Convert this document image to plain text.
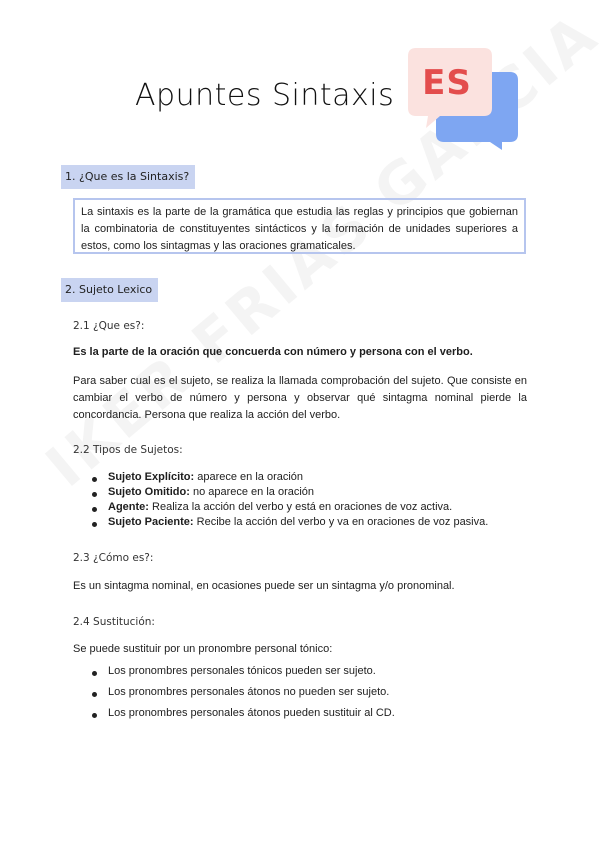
Apuntes Sintaxis ES
1. ¿Que es la Sintaxis?
La sintaxis es la parte de la gramática que estudia las reglas y principios que gobiernan la combinatoria de constituyentes sintácticos y la formación de unidades superiores a estos, como los sintagmas y las oraciones gramaticales.
2. Sujeto Lexico
2.1 ¿Que es?:
Es la parte de la oración que concuerda con número y persona con el verbo.
Para saber cual es el sujeto, se realiza la llamada comprobación del sujeto. Que consiste en cambiar el verbo de número y persona y observar qué sintagma nominal pierde la concordancia. Persona que realiza la acción del verbo.
2.2 Tipos de Sujetos:
Sujeto Explícito: aparece en la oración
Sujeto Omitido: no aparece en la oración
Agente: Realiza la acción del verbo y está en oraciones de voz activa.
Sujeto Paciente: Recibe la acción del verbo y va en oraciones de voz pasiva.
2.3 ¿Cómo es?:
Es un sintagma nominal, en ocasiones puede ser un sintagma y/o pronominal.
2.4 Sustitución:
Se puede sustituir por un pronombre personal tónico:
Los pronombres personales tónicos pueden ser sujeto.
Los pronombres personales átonos no pueden ser sujeto.
Los pronombres personales átonos pueden sustituir al CD.
